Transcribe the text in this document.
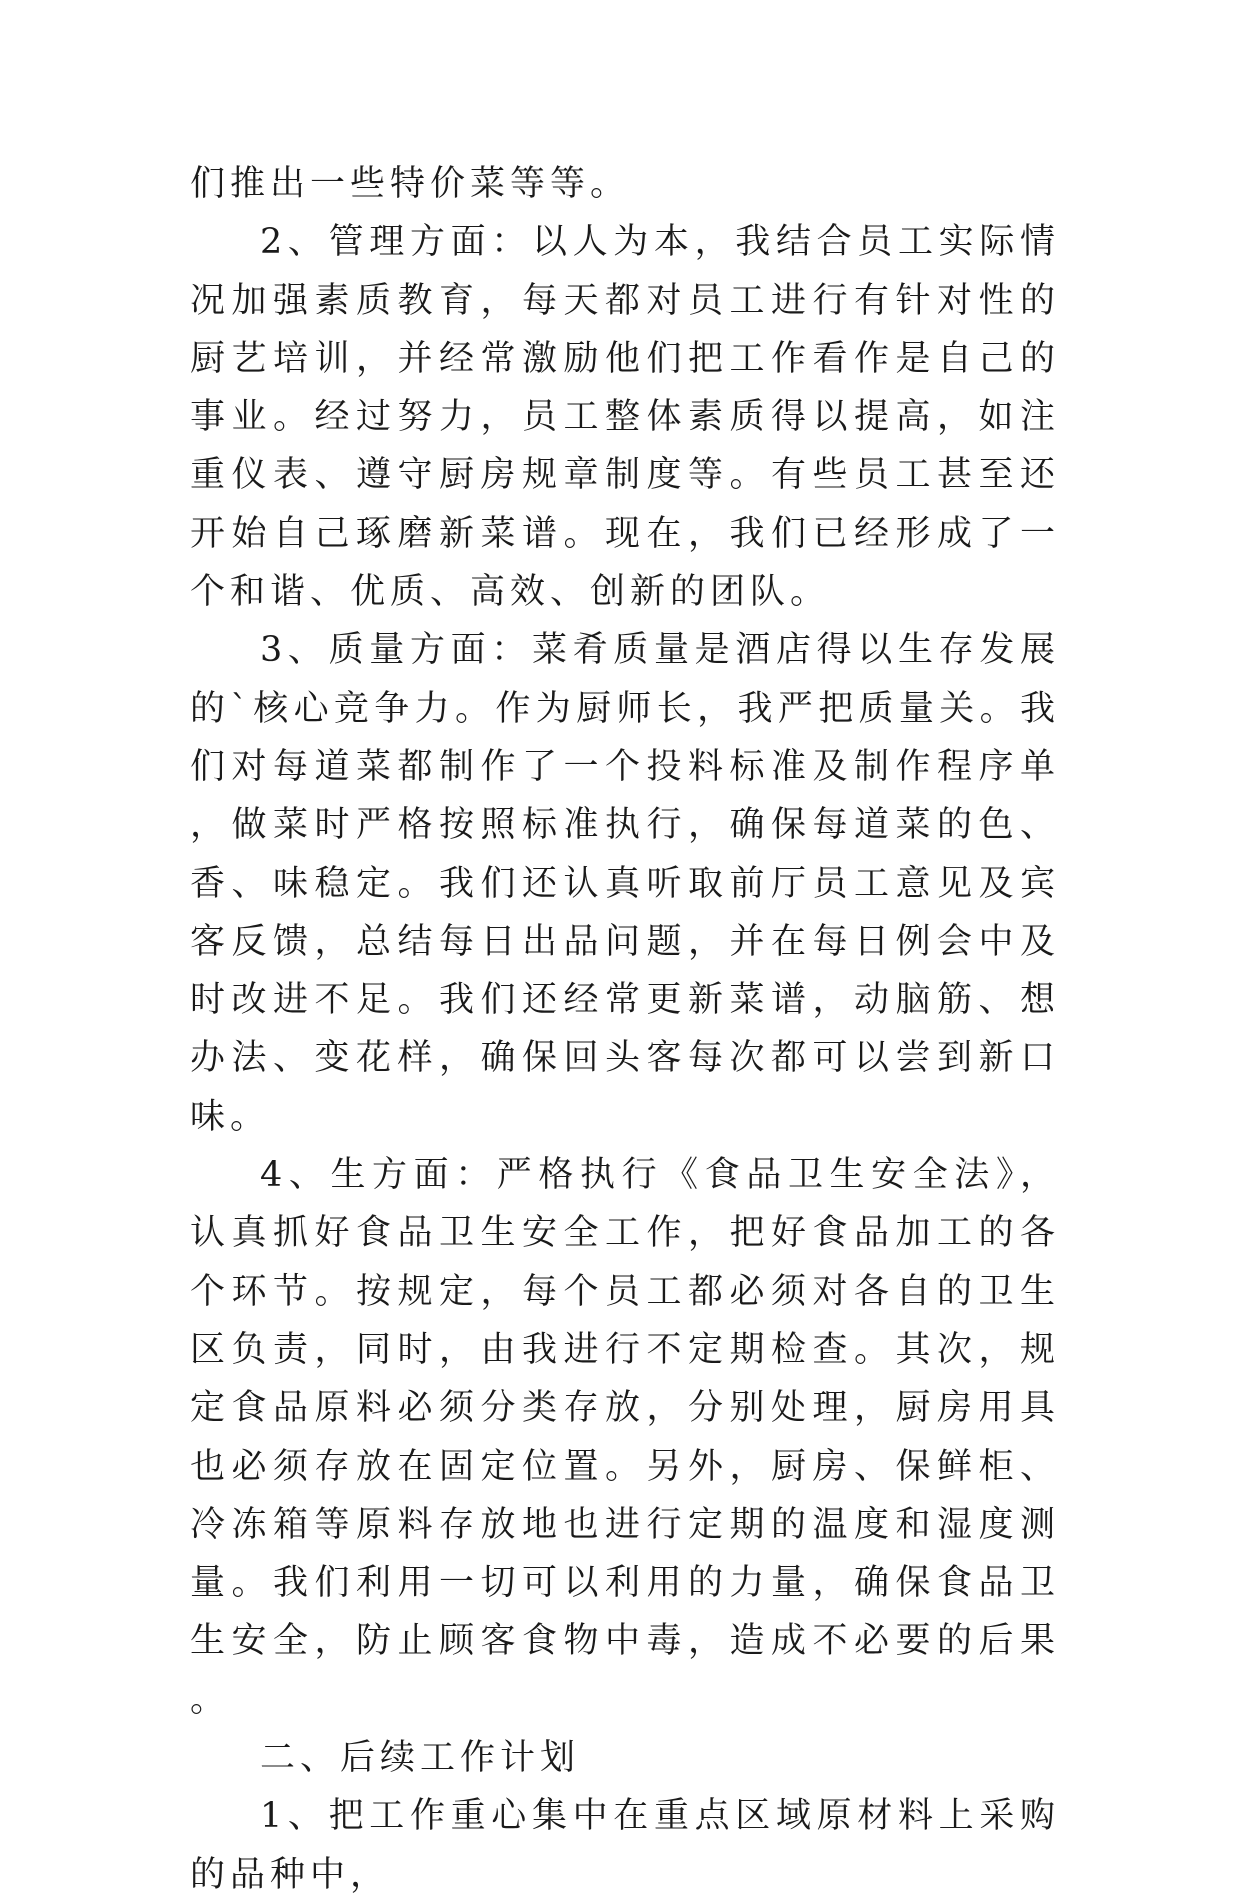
们推出一些特价菜等等。

2、管理方面：以人为本，我结合员工实际情况加强素质教育，每天都对员工进行有针对性的厨艺培训，并经常激励他们把工作看作是自己的事业。经过努力，员工整体素质得以提高，如注重仪表、遵守厨房规章制度等。有些员工甚至还开始自己琢磨新菜谱。现在，我们已经形成了一个和谐、优质、高效、创新的团队。

3、质量方面：菜肴质量是酒店得以生存发展的`核心竞争力。作为厨师长，我严把质量关。我们对每道菜都制作了一个投料标准及制作程序单，做菜时严格按照标准执行，确保每道菜的色、香、味稳定。我们还认真听取前厅员工意见及宾客反馈，总结每日出品问题，并在每日例会中及时改进不足。我们还经常更新菜谱，动脑筋、想办法、变花样，确保回头客每次都可以尝到新口味。

4、生方面：严格执行《食品卫生安全法》，认真抓好食品卫生安全工作，把好食品加工的各个环节。按规定，每个员工都必须对各自的卫生区负责，同时，由我进行不定期检查。其次，规定食品原料必须分类存放，分别处理，厨房用具也必须存放在固定位置。另外，厨房、保鲜柜、冷冻箱等原料存放地也进行定期的温度和湿度测量。我们利用一切可以利用的力量，确保食品卫生安全，防止顾客食物中毒，造成不必要的后果。

二、后续工作计划

1、把工作重心集中在重点区域原材料上采购的品种中，
